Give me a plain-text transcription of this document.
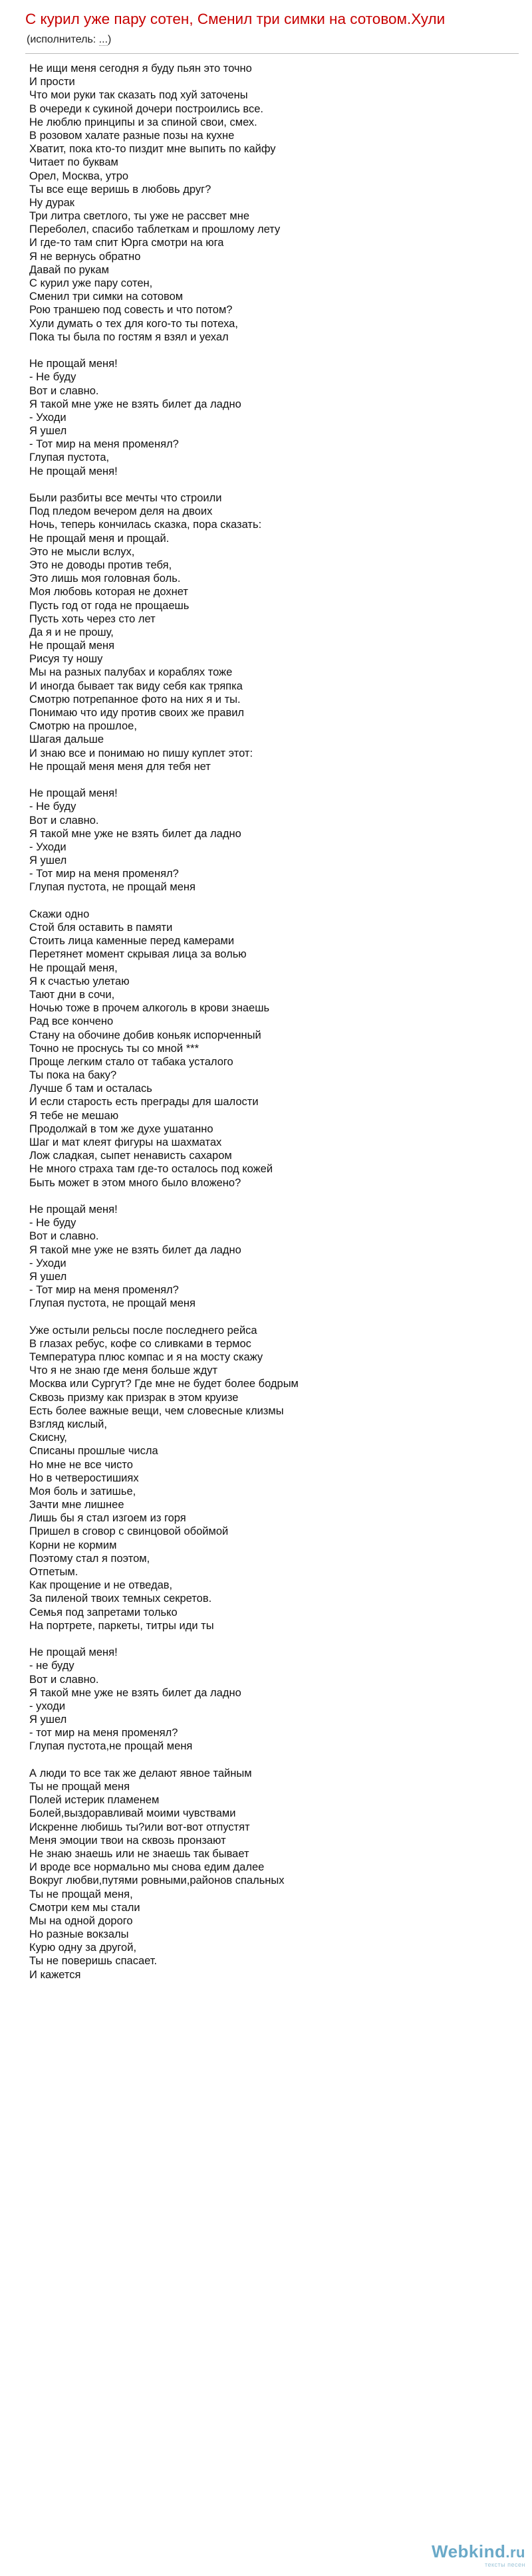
С курил уже пару сотен, Сменил три симки на сотовом.Хули
(исполнитель: ...)
Не ищи меня сегодня я буду пьян это точно
И прости
Что мои руки так сказать под хуй заточены
В очереди к сукиной дочери построились все.
Не люблю принципы и за спиной свои, смех.
В розовом халате разные позы на кухне
Хватит, пока кто-то пиздит мне выпить по кайфу
Читает по буквам
Орел, Москва, утро
Ты все еще веришь в любовь друг?
Ну дурак
Три литра светлого, ты уже не рассвет мне
Переболел, спасибо таблеткам и прошлому лету
И где-то там спит Юрга смотри на юга
Я не вернусь обратно
Давай по рукам
С курил уже пару сотен,
Сменил три симки на сотовом
Рою траншею под совесть и что потом?
Хули думать о тех для кого-то ты потеха,
Пока ты была по гостям я взял и уехал
Не прощай меня!
- Не буду
Вот и славно.
Я такой мне уже не взять билет да ладно
- Уходи
Я ушел
- Тот мир на меня променял?
Глупая пустота,
Не прощай меня!
Были разбиты все мечты что строили
Под пледом вечером деля на двоих
Ночь, теперь кончилась сказка, пора сказать:
Не прощай меня и прощай.
Это не мысли вслух,
Это не доводы против тебя,
Это лишь моя головная боль.
Моя любовь которая не дохнет
Пусть год от года не прощаешь
Пусть хоть через сто лет
Да я и не прошу,
Не прощай меня
Рисуя ту ношу
Мы на разных палубах и кораблях тоже
И иногда бывает так виду себя как тряпка
Смотрю потрепанное фото на них я и ты.
Понимаю что иду против своих же правил
Смотрю на прошлое,
Шагая дальше
И знаю все и понимаю но пишу куплет этот:
Не прощай меня меня для тебя нет
Не прощай меня!
- Не буду
Вот и славно.
Я такой мне уже не взять билет да ладно
- Уходи
Я ушел
- Тот мир на меня променял?
Глупая пустота, не прощай меня
Скажи одно
Стой бля оставить в памяти
Стоить лица каменные перед камерами
Перетянет момент скрывая лица за волью
Не прощай меня,
Я к счастью улетаю
Тают дни в сочи,
Ночью тоже в прочем алкоголь в крови знаешь
Рад все кончено
Стану на обочине добив коньяк испорченный
Точно не проснусь ты со мной ***
Проще легким стало от табака усталого
Ты пока на баку?
Лучше б там и осталась
И если старость есть преграды для шалости
Я тебе не мешаю
Продолжай в том же духе ушатанно
Шаг и мат клеят фигуры на шахматах
Лож сладкая, сыпет ненависть сахаром
Не много страха там где-то осталось под кожей
Быть может в этом много было вложено?
Не прощай меня!
- Не буду
Вот и славно.
Я такой мне уже не взять билет да ладно
- Уходи
Я ушел
- Тот мир на меня променял?
Глупая пустота, не прощай меня
Уже остыли рельсы после последнего рейса
В глазах ребус, кофе со сливками в термос
Температура плюс компас и я на мосту скажу
Что я не знаю где меня больше ждут
Москва или Сургут? Где мне не будет более бодрым
Сквозь призму как призрак в этом круизе
Есть более важные вещи, чем словесные клизмы
Взгляд кислый,
Скисну,
Списаны прошлые числа
Но мне не все чисто
Но в четверостишиях
Моя боль и затишье,
Зачти мне лишнее
Лишь бы я стал изгоем из горя
Пришел в сговор с свинцовой обоймой
Корни не кормим
Поэтому стал я поэтом,
Отпетым.
Как прощение и не отведав,
За пиленой твоих темных секретов.
Семья под запретами только
На портрете, паркеты, титры иди ты
Не прощай меня!
- не буду
Вот и славно.
Я такой мне уже не взять билет да ладно
- уходи
Я ушел
- тот мир на меня променял?
Глупая пустота,не прощай меня
А люди то все так же делают явное тайным
Ты не прощай меня
Полей истерик пламенем
Болей,выздоравливай моими чувствами
Искренне любишь ты?или вот-вот отпустят
Меня эмоции твои на сквозь пронзают
Не знаю знаешь или не знаешь так бывает
И вроде все нормально мы снова едим далее
Вокруг любви,путями ровными,районов спальных
Ты не прощай меня,
Смотри кем мы стали
Мы на одной дорого
Но разные вокзалы
Курю одну за другой,
Ты не поверишь спасает.
И кажется
Webkind.ru
тексты песен
